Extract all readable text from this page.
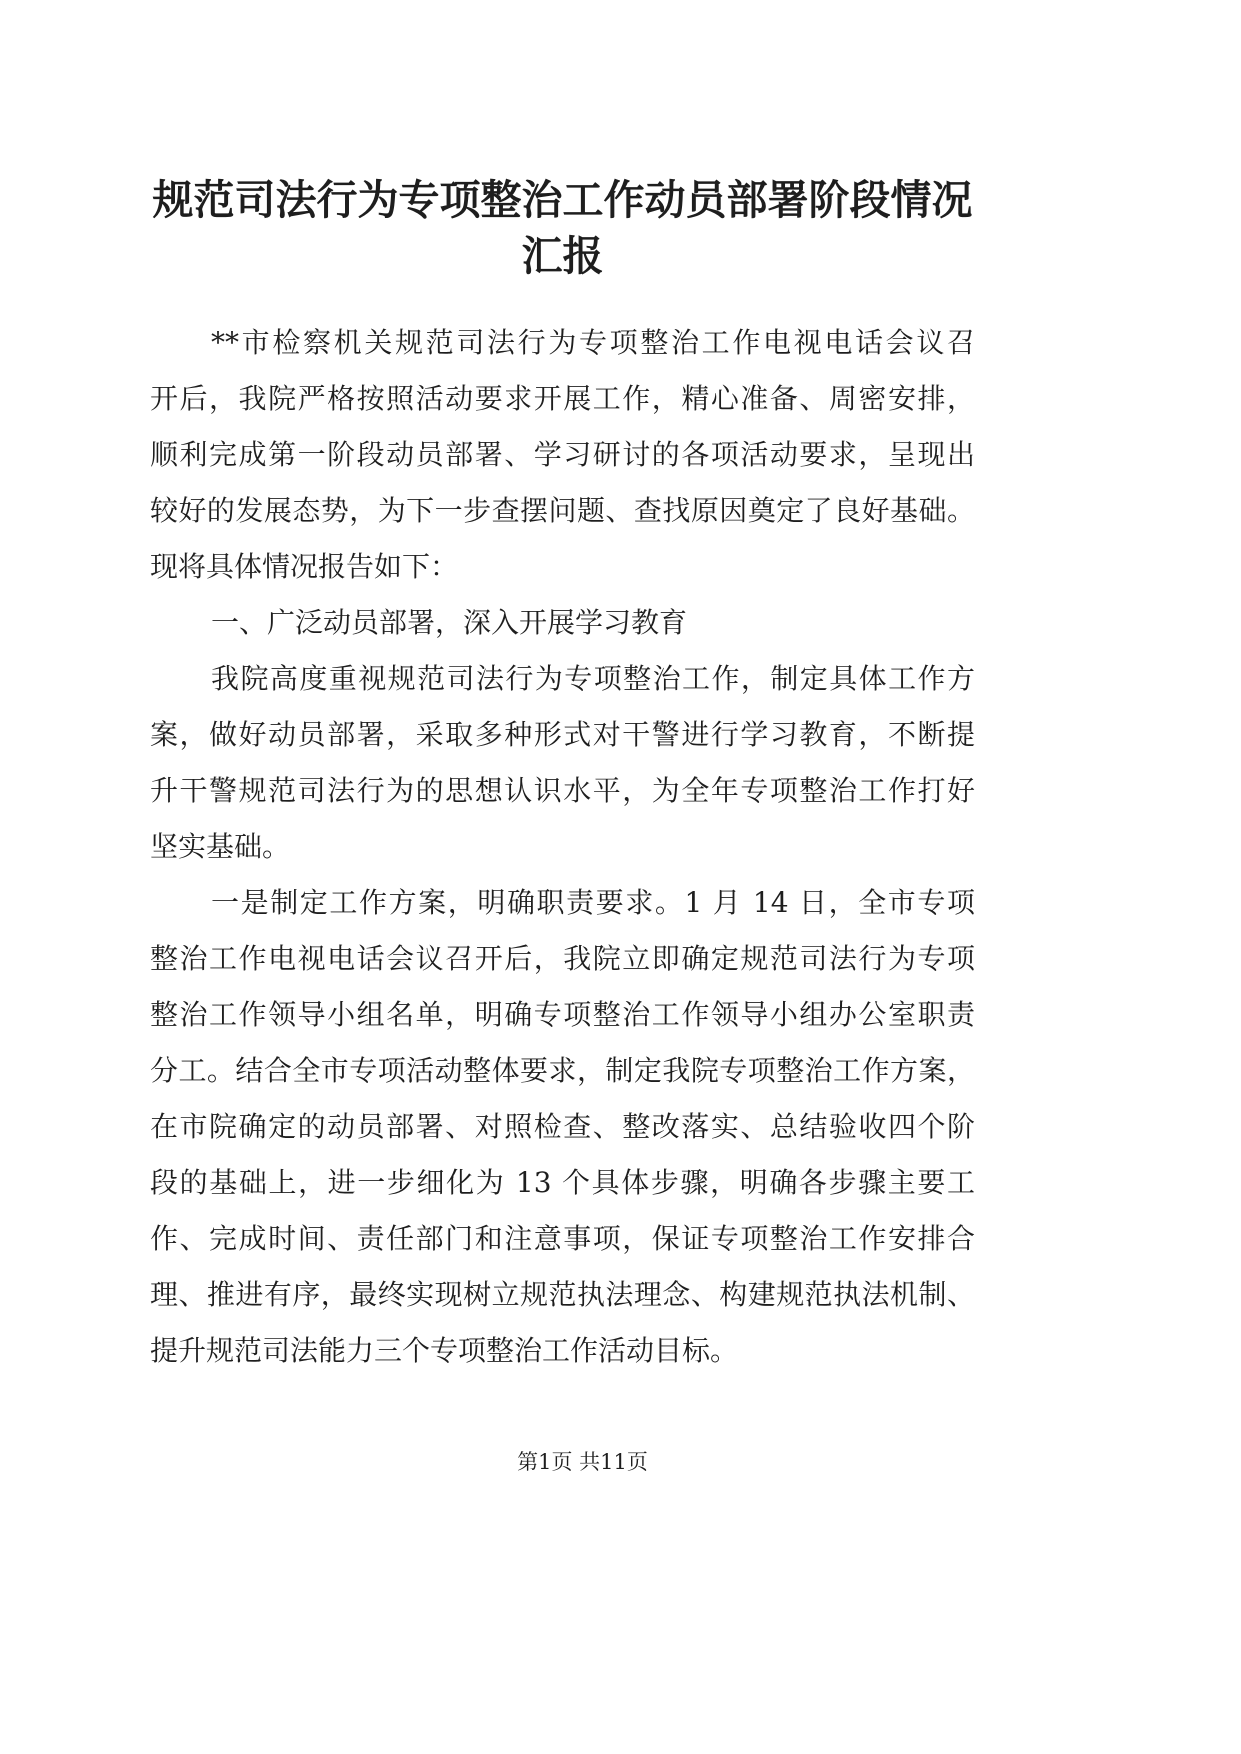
规范司法行为专项整治工作动员部署阶段情况
汇报
**市检察机关规范司法行为专项整治工作电视电话会议召
开后，我院严格按照活动要求开展工作，精心准备、周密安排，
顺利完成第一阶段动员部署、学习研讨的各项活动要求，呈现出
较好的发展态势，为下一步查摆问题、查找原因奠定了良好基础。
现将具体情况报告如下：
一、广泛动员部署，深入开展学习教育
我院高度重视规范司法行为专项整治工作，制定具体工作方
案，做好动员部署，采取多种形式对干警进行学习教育，不断提
升干警规范司法行为的思想认识水平，为全年专项整治工作打好
坚实基础。
一是制定工作方案，明确职责要求。1 月 14 日，全市专项
整治工作电视电话会议召开后，我院立即确定规范司法行为专项
整治工作领导小组名单，明确专项整治工作领导小组办公室职责
分工。结合全市专项活动整体要求，制定我院专项整治工作方案，
在市院确定的动员部署、对照检查、整改落实、总结验收四个阶
段的基础上，进一步细化为 13 个具体步骤，明确各步骤主要工
作、完成时间、责任部门和注意事项，保证专项整治工作安排合
理、推进有序，最终实现树立规范执法理念、构建规范执法机制、
提升规范司法能力三个专项整治工作活动目标。
第1页 共11页
